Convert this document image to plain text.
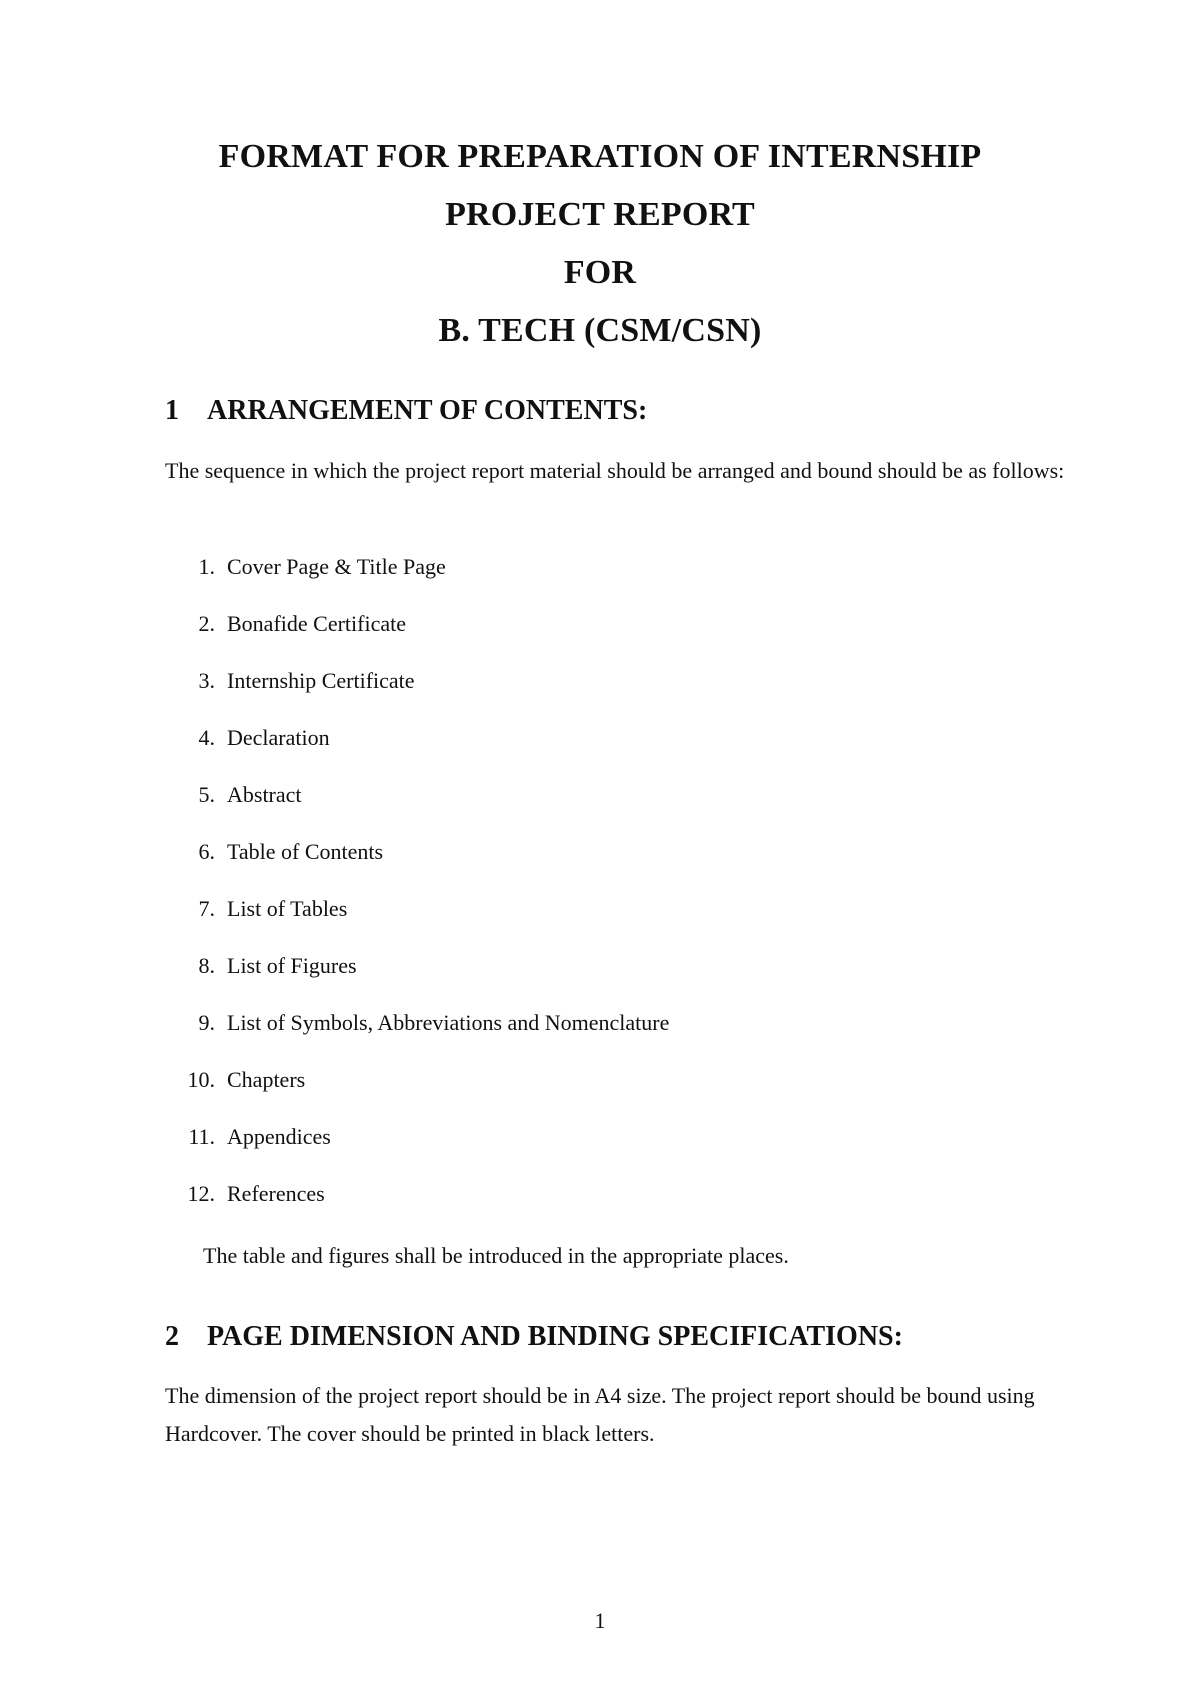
FORMAT FOR PREPARATION OF INTERNSHIP

PROJECT REPORT

FOR

B. TECH (CSM/CSN)

1 ARRANGEMENT OF CONTENTS:

The sequence in which the project report material should be arranged and bound should be as follows:

1. Cover Page & Title Page
2. Bonafide Certificate
3. Internship Certificate
4. Declaration
5. Abstract
6. Table of Contents
7. List of Tables
8. List of Figures
9. List of Symbols, Abbreviations and Nomenclature
10. Chapters
11. Appendices
12. References

The table and figures shall be introduced in the appropriate places.

2 PAGE DIMENSION AND BINDING SPECIFICATIONS:

The dimension of the project report should be in A4 size. The project report should be bound using Hardcover. The cover should be printed in black letters.

1
